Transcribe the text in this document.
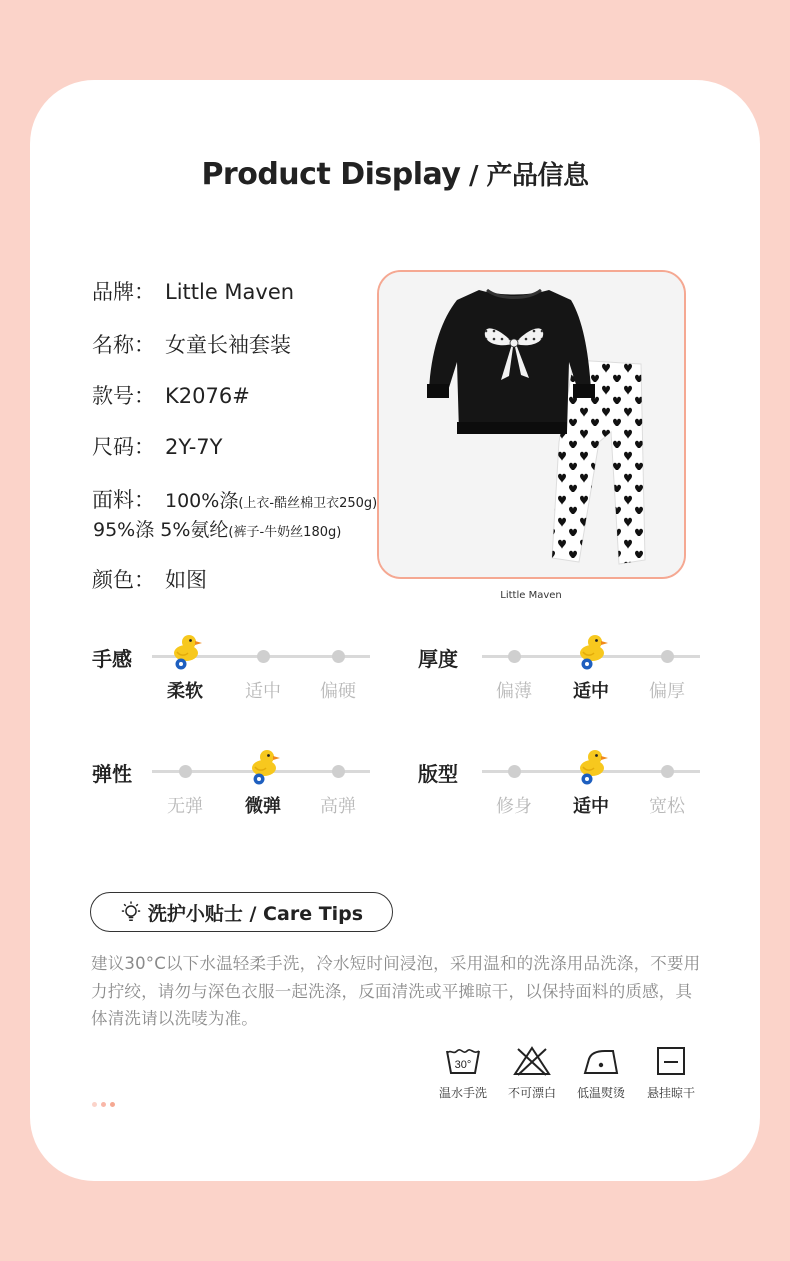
Product Display / 产品信息
品牌： Little Maven
名称： 女童长袖套装
款号： K2076#
尺码： 2Y-7Y
面料： 100%涤(上衣-酷丝棉卫衣250g)
95%涤 5%氨纶(裤子-牛奶丝180g)
颜色： 如图
Little Maven
手感
柔软	适中	偏硬
厚度
偏薄	适中	偏厚
弹性
无弹	微弹	高弹
版型
修身	适中	宽松
洗护小贴士 / Care Tips
建议30°C以下水温轻柔手洗，冷水短时间浸泡，采用温和的洗涤用品洗涤，不要用力拧绞，请勿与深色衣服一起洗涤，反面清洗或平摊晾干，以保持面料的质感，具体清洗请以洗唛为准。
30°
温水手洗	不可漂白	低温熨烫	悬挂晾干
